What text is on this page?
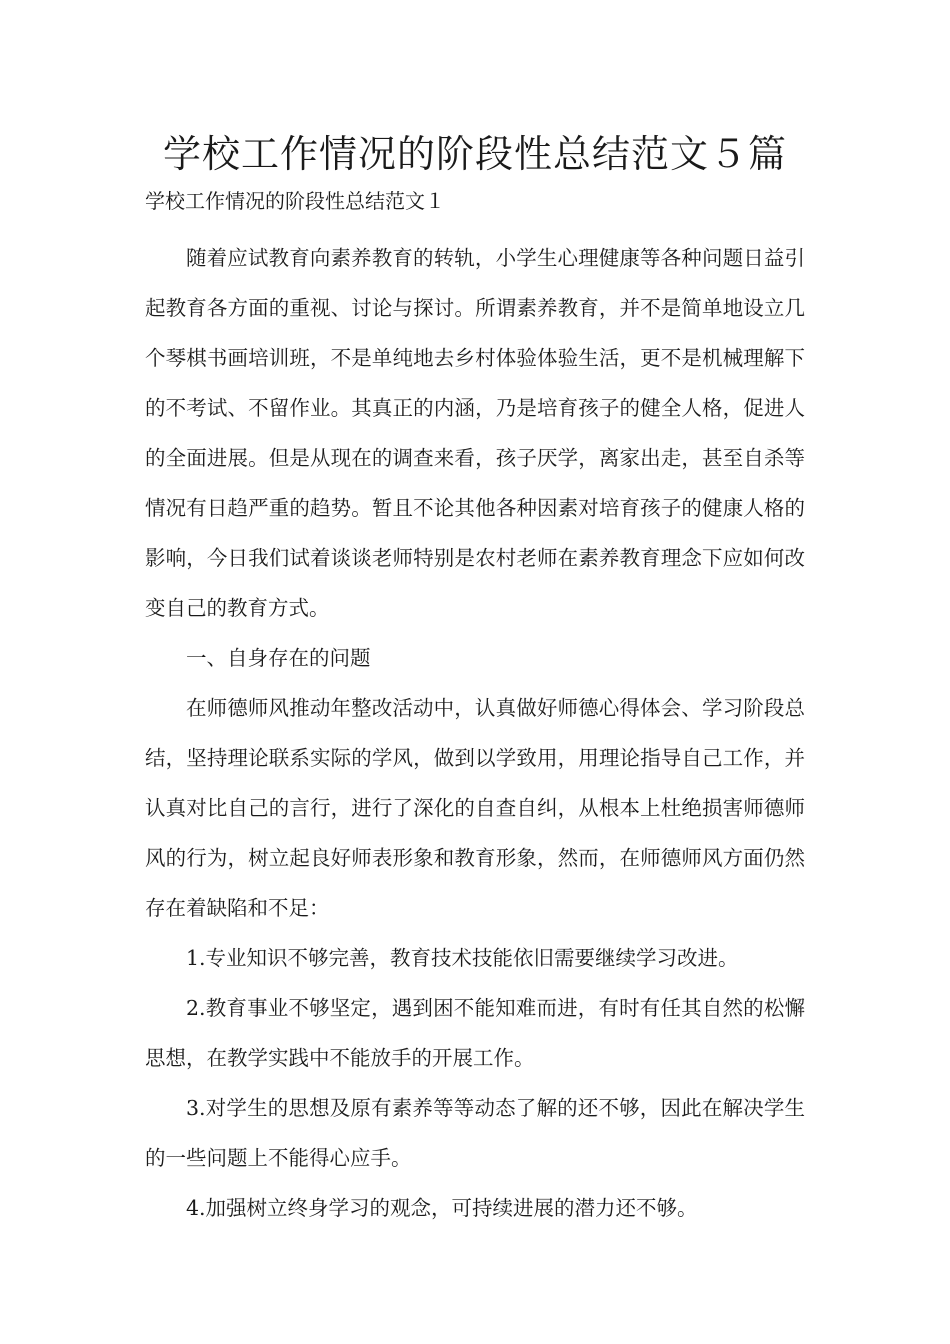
学校工作情况的阶段性总结范文５篇

学校工作情况的阶段性总结范文１

随着应试教育向素养教育的转轨，小学生心理健康等各种问题日益引起教育各方面的重视、讨论与探讨。所谓素养教育，并不是简单地设立几个琴棋书画培训班，不是单纯地去乡村体验体验生活，更不是机械理解下的不考试、不留作业。其真正的内涵，乃是培育孩子的健全人格，促进人的全面进展。但是从现在的调查来看，孩子厌学，离家出走，甚至自杀等情况有日趋严重的趋势。暂且不论其他各种因素对培育孩子的健康人格的影响，今日我们试着谈谈老师特别是农村老师在素养教育理念下应如何改变自己的教育方式。

一、自身存在的问题

在师德师风推动年整改活动中，认真做好师德心得体会、学习阶段总结，坚持理论联系实际的学风，做到以学致用，用理论指导自己工作，并认真对比自己的言行，进行了深化的自查自纠，从根本上杜绝损害师德师风的行为，树立起良好师表形象和教育形象，然而，在师德师风方面仍然存在着缺陷和不足：

1.专业知识不够完善，教育技术技能依旧需要继续学习改进。

2.教育事业不够坚定，遇到困不能知难而进，有时有任其自然的松懈思想，在教学实践中不能放手的开展工作。

3.对学生的思想及原有素养等等动态了解的还不够，因此在解决学生的一些问题上不能得心应手。

4.加强树立终身学习的观念，可持续进展的潜力还不够。
